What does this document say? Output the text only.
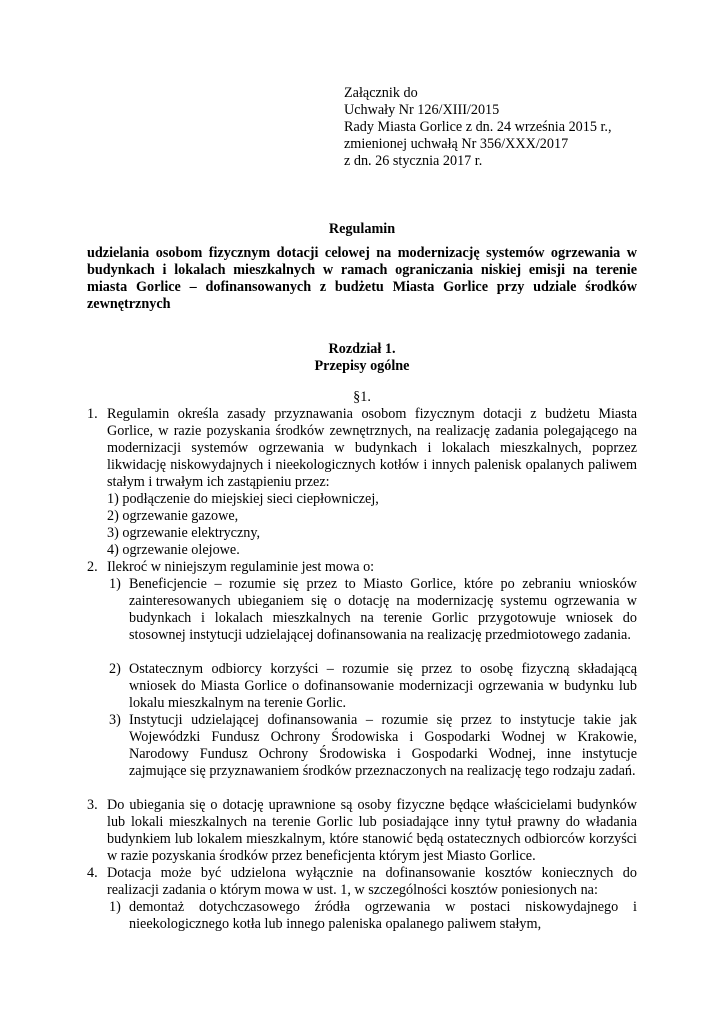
Załącznik do
Uchwały Nr 126/XIII/2015
Rady Miasta Gorlice z dn. 24 września 2015 r.,
zmienionej uchwałą Nr 356/XXX/2017
z dn. 26 stycznia 2017 r.
Regulamin
udzielania osobom fizycznym dotacji celowej na modernizację systemów ogrzewania w budynkach i lokalach mieszkalnych w ramach ograniczania niskiej emisji na terenie miasta Gorlice – dofinansowanych z budżetu Miasta Gorlice przy udziale środków zewnętrznych
Rozdział 1.
Przepisy ogólne
§1.
1. Regulamin określa zasady przyznawania osobom fizycznym dotacji z budżetu Miasta Gorlice, w razie pozyskania środków zewnętrznych, na realizację zadania polegającego na modernizacji systemów ogrzewania w budynkach i lokalach mieszkalnych, poprzez likwidację niskowydajnych i nieekologicznych kotłów i innych palenisk opalanych paliwem stałym i trwałym ich zastąpieniu przez:
1) podłączenie do miejskiej sieci ciepłowniczej,
2) ogrzewanie gazowe,
3) ogrzewanie elektryczny,
4) ogrzewanie olejowe.
2. Ilekroć w niniejszym regulaminie jest mowa o:
1) Beneficjencie – rozumie się przez to Miasto Gorlice, które po zebraniu wniosków zainteresowanych ubieganiem się o dotację na modernizację systemu ogrzewania w budynkach i lokalach mieszkalnych na terenie Gorlic przygotowuje wniosek do stosownej instytucji udzielającej dofinansowania na realizację przedmiotowego zadania.
2) Ostatecznym odbiorcy korzyści – rozumie się przez to osobę fizyczną składającą wniosek do Miasta Gorlice o dofinansowanie modernizacji ogrzewania w budynku lub lokalu mieszkalnym na terenie Gorlic.
3) Instytucji udzielającej dofinansowania – rozumie się przez to instytucje takie jak Wojewódzki Fundusz Ochrony Środowiska i Gospodarki Wodnej w Krakowie, Narodowy Fundusz Ochrony Środowiska i Gospodarki Wodnej, inne instytucje zajmujące się przyznawaniem środków przeznaczonych na realizację tego rodzaju zadań.
3. Do ubiegania się o dotację uprawnione są osoby fizyczne będące właścicielami budynków lub lokali mieszkalnych na terenie Gorlic lub posiadające inny tytuł prawny do władania budynkiem lub lokalem mieszkalnym, które stanowić będą ostatecznych odbiorców korzyści w razie pozyskania środków przez beneficjenta którym jest Miasto Gorlice.
4. Dotacja może być udzielona wyłącznie na dofinansowanie kosztów koniecznych do realizacji zadania o którym mowa w ust. 1, w szczególności kosztów poniesionych na:
1) demontaż dotychczasowego źródła ogrzewania w postaci niskowydajnego i nieekologicznego kotła lub innego paleniska opalanego paliwem stałym,
